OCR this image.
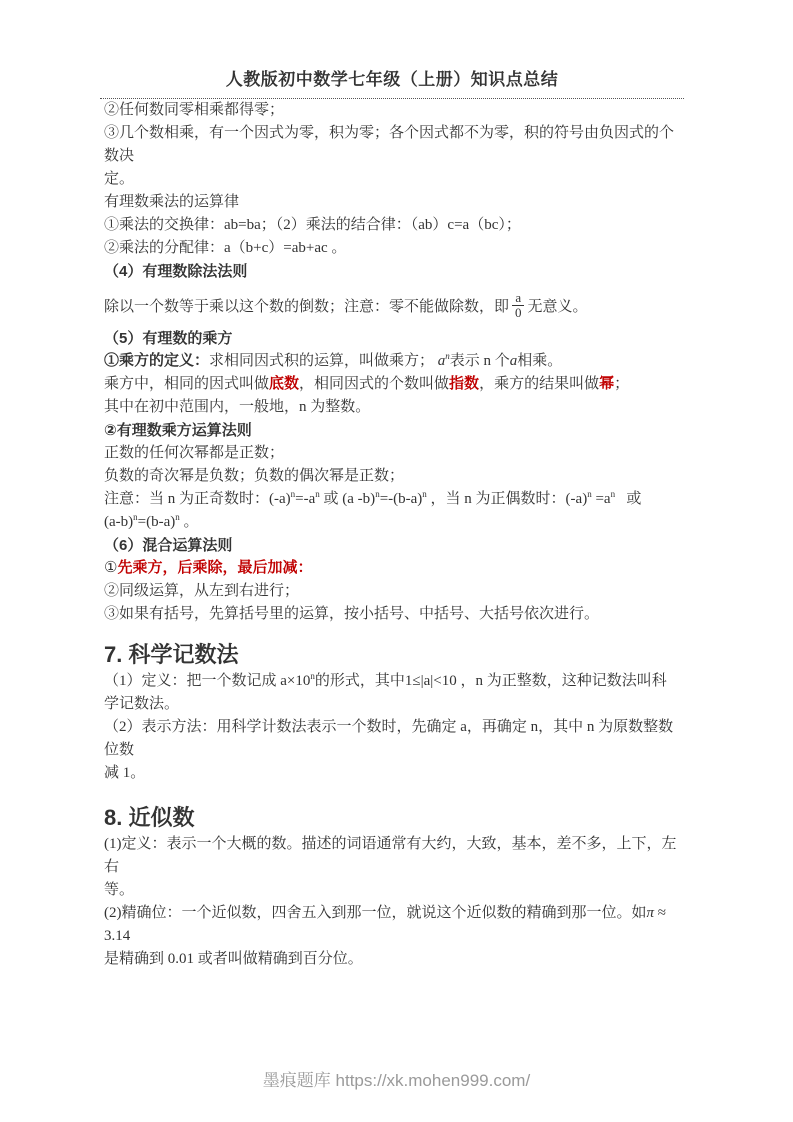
人教版初中数学七年级（上册）知识点总结

②任何数同零相乘都得零；

③几个数相乘，有一个因式为零，积为零；各个因式都不为零，积的符号由负因式的个数决

定。

有理数乘法的运算律

①乘法的交换律：ab=ba；（2）乘法的结合律：（ab）c=a（bc）；

②乘法的分配律：a（b+c）=ab+ac 。

（4）有理数除法法则

除以一个数等于乘以这个数的倒数；注意：零不能做除数，即 $\frac{a}{0}$ 无意义。

（5）有理数的乘方

①乘方的定义：求相同因式积的运算，叫做乘方； $a^n$表示 n 个a相乘。

乘方中，相同的因式叫做底数，相同因式的个数叫做指数，乘方的结果叫做幂；

其中在初中范围内，一般地，n 为整数。

②有理数乘方运算法则

正数的任何次幂都是正数；

负数的奇次幂是负数；负数的偶次幂是正数；

注意：当 n 为正奇数时：$(-a)^n=-a^n$ 或 (a $-b)^n=-(b-a)^n$ ，当 n 为正偶数时：$(-a)^n =a^n$   或

$(a-b)^n=(b-a)^n$ 。

（6）混合运算法则

①先乘方，后乘除，最后加减：

②同级运算，从左到右进行；

③如果有括号，先算括号里的运算，按小括号、中括号、大括号依次进行。

7. 科学记数法

（1）定义：把一个数记成 $a\times 10^n$的形式，其中1≤|a|<10 ，n 为正整数，这种记数法叫科

学记数法。

（2）表示方法：用科学计数法表示一个数时，先确定 a，再确定 n，其中 n 为原数整数位数

减 1。

8. 近似数

(1)定义：表示一个大概的数。描述的词语通常有大约，大致，基本，差不多，上下，左右

等。

(2)精确位：一个近似数，四舍五入到那一位，就说这个近似数的精确到那一位。如π ≈ 3.14

是精确到 0.01 或者叫做精确到百分位。

墨痕题库 https://xk.mohen999.com/
